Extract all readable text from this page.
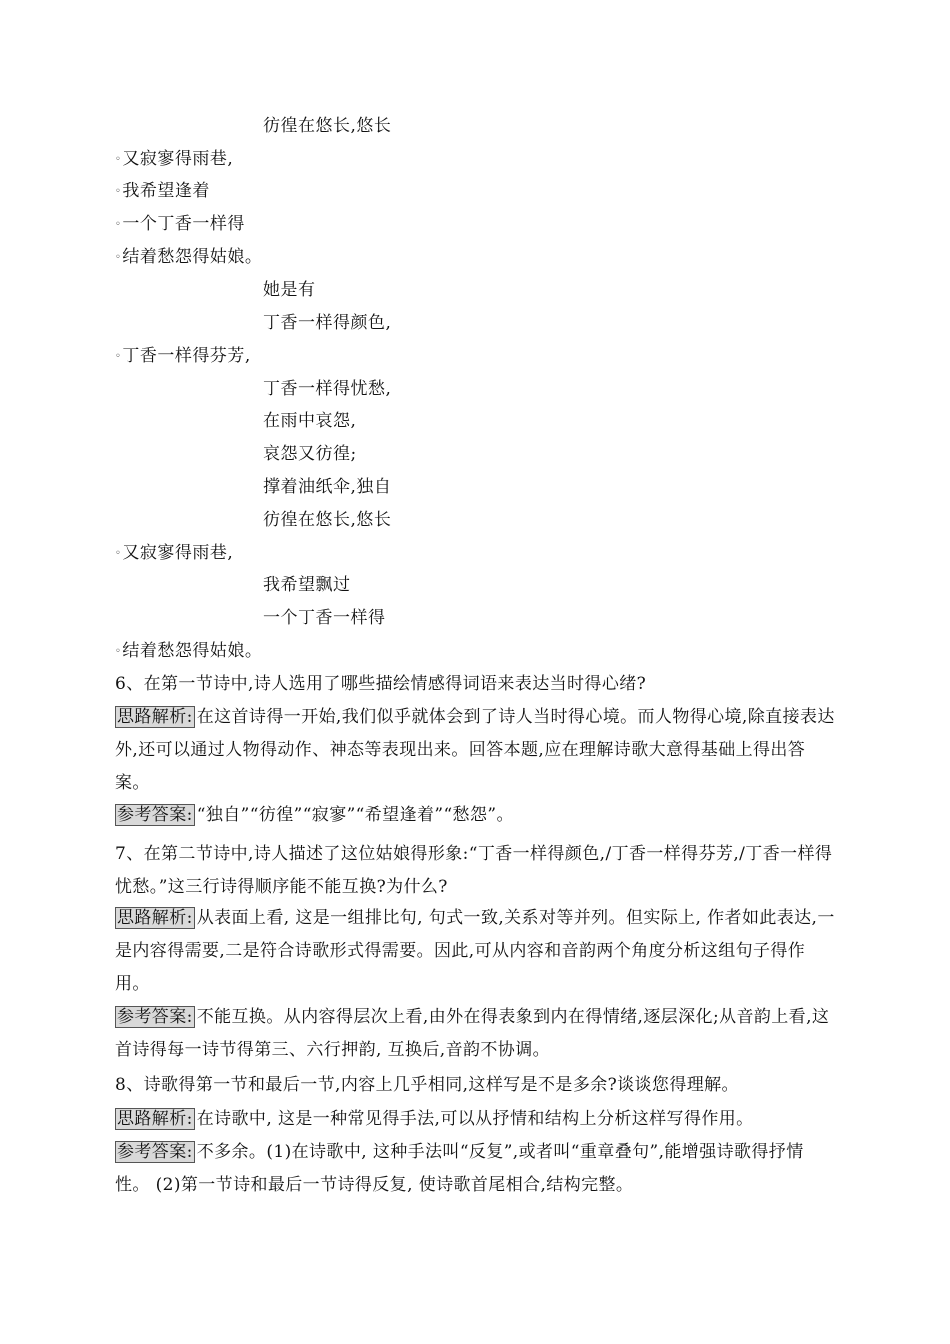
彷徨在悠长,悠长
◦又寂寥得雨巷,
◦我希望逢着
◦一个丁香一样得
◦结着愁怨得姑娘。
她是有
丁香一样得颜色,
◦丁香一样得芬芳,
丁香一样得忧愁,
在雨中哀怨,
哀怨又彷徨;
撑着油纸伞,独自
彷徨在悠长,悠长
◦又寂寥得雨巷,
我希望飘过
一个丁香一样得
◦结着愁怨得姑娘。
6、在第一节诗中,诗人选用了哪些描绘情感得词语来表达当时得心绪?
思路解析: 在这首诗得一开始,我们似乎就体会到了诗人当时得心境。而人物得心境,除直接表达外,还可以通过人物得动作、神态等表现出来。回答本题,应在理解诗歌大意得基础上得出答案。
参考答案: “独自”“彷徨”“寂寥”“希望逢着”“愁怨”。
7、在第二节诗中,诗人描述了这位姑娘得形象:“丁香一样得颜色,/丁香一样得芬芳,/丁香一样得忧愁。”这三行诗得顺序能不能互换?为什么?
思路解析: 从表面上看, 这是一组排比句, 句式一致,关系对等并列。但实际上, 作者如此表达,一是内容得需要,二是符合诗歌形式得需要。因此,可从内容和音韵两个角度分析这组句子得作用。
参考答案: 不能互换。从内容得层次上看,由外在得表象到内在得情绪,逐层深化;从音韵上看,这首诗得每一诗节得第三、六行押韵, 互换后,音韵不协调。
8、诗歌得第一节和最后一节,内容上几乎相同,这样写是不是多余?谈谈您得理解。
思路解析: 在诗歌中, 这是一种常见得手法,可以从抒情和结构上分析这样写得作用。
参考答案: 不多余。(1)在诗歌中, 这种手法叫“反复”,或者叫“重章叠句”,能增强诗歌得抒情性。 (2)第一节诗和最后一节诗得反复, 使诗歌首尾相合,结构完整。
